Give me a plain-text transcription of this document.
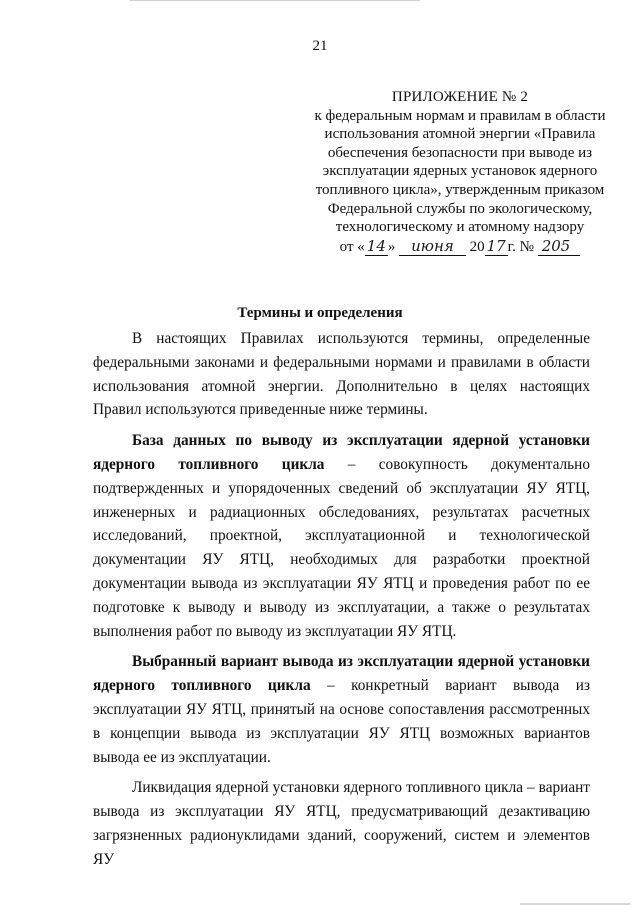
21
ПРИЛОЖЕНИЕ № 2
к федеральным нормам и правилам в области
использования атомной энергии «Правила
обеспечения безопасности при выводе из
эксплуатации ядерных установок ядерного
топливного цикла», утвержденным приказом
Федеральной службы по экологическому,
технологическому и атомному надзору
от « 14 » июня 20 17 г. № 205
Термины и определения

В настоящих Правилах используются термины, определенные федеральными законами и федеральными нормами и правилами в области использования атомной энергии. Дополнительно в целях настоящих Правил используются приведенные ниже термины.

База данных по выводу из эксплуатации ядерной установки ядерного топливного цикла – совокупность документально подтвержденных и упорядоченных сведений об эксплуатации ЯУ ЯТЦ, инженерных и радиационных обследованиях, результатах расчетных исследований, проектной, эксплуатационной и технологической документации ЯУ ЯТЦ, необходимых для разработки проектной документации вывода из эксплуатации ЯУ ЯТЦ и проведения работ по ее подготовке к выводу и выводу из эксплуатации, а также о результатах выполнения работ по выводу из эксплуатации ЯУ ЯТЦ.

Выбранный вариант вывода из эксплуатации ядерной установки ядерного топливного цикла – конкретный вариант вывода из эксплуатации ЯУ ЯТЦ, принятый на основе сопоставления рассмотренных в концепции вывода из эксплуатации ЯУ ЯТЦ возможных вариантов вывода ее из эксплуатации.

Ликвидация ядерной установки ядерного топливного цикла – вариант вывода из эксплуатации ЯУ ЯТЦ, предусматривающий дезактивацию загрязненных радионуклидами зданий, сооружений, систем и элементов ЯУ
